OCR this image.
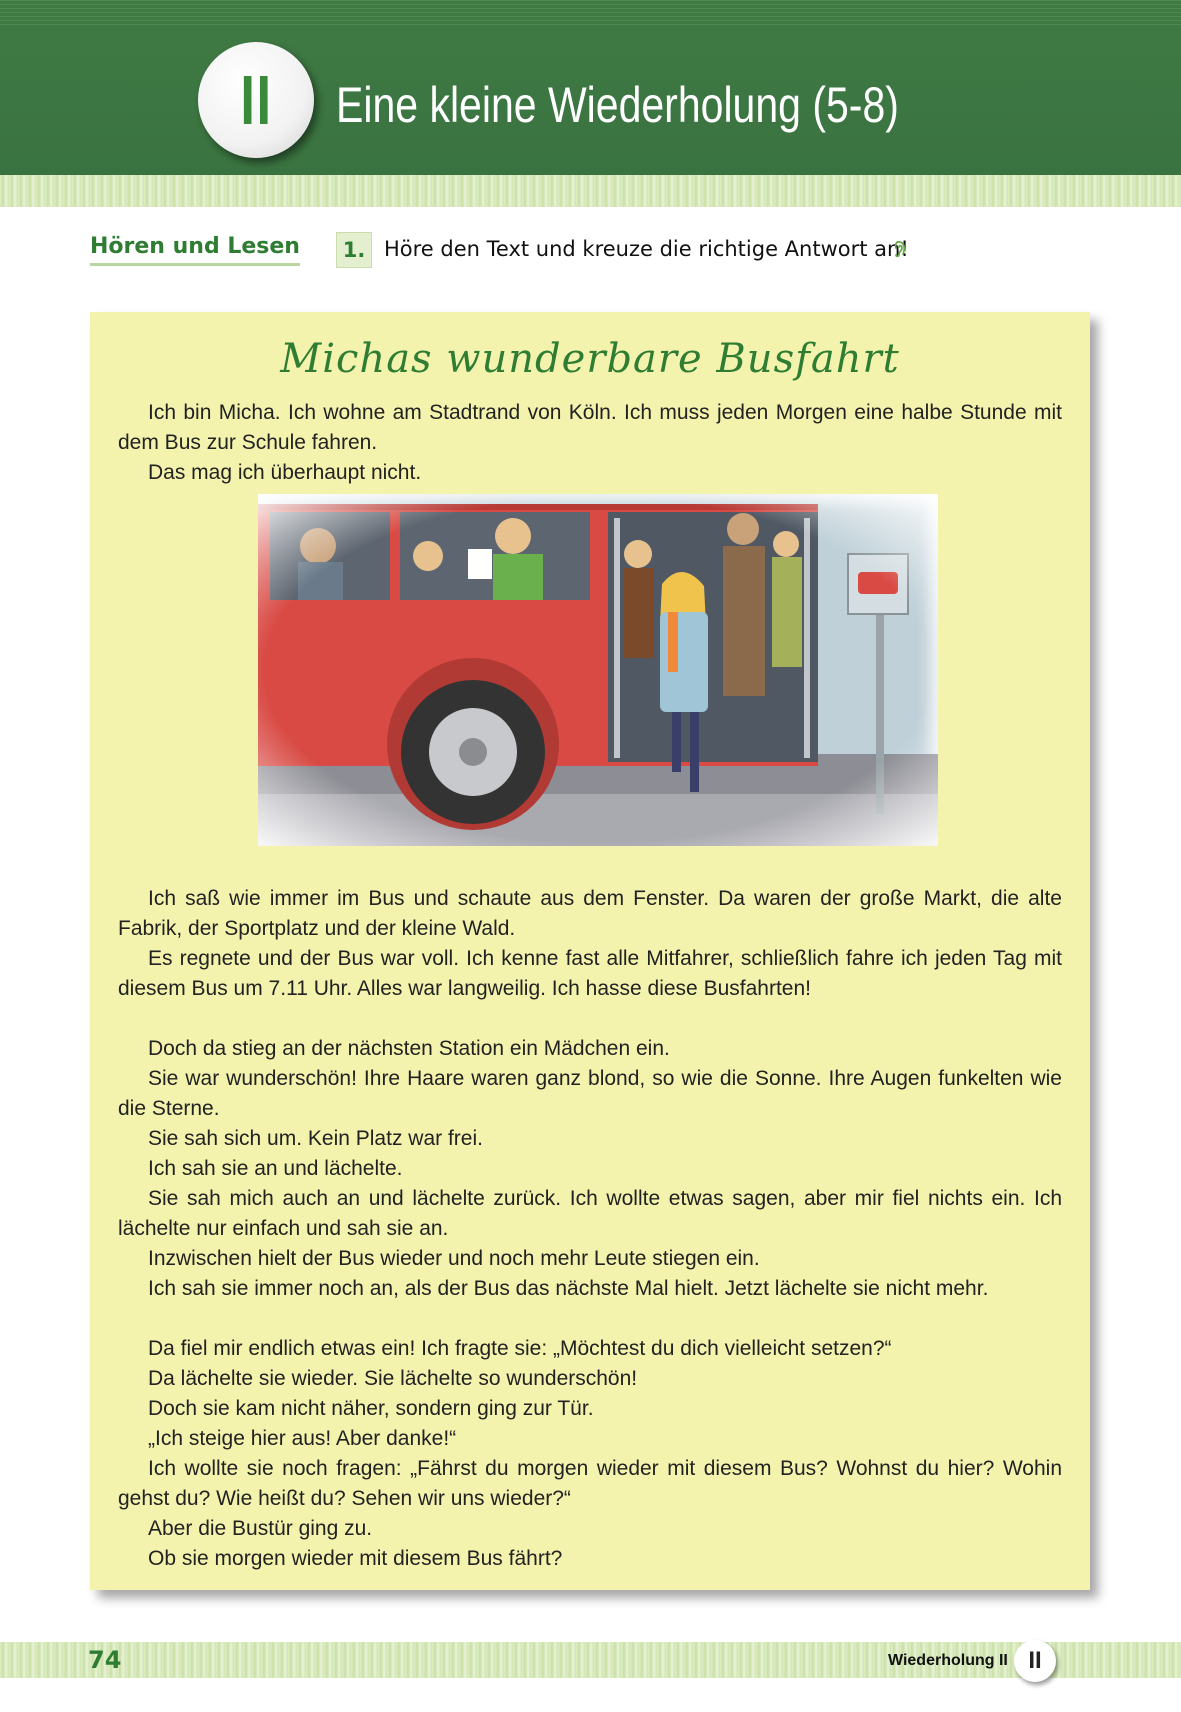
II Eine kleine Wiederholung (5-8)
Hören und Lesen	1. Höre den Text und kreuze die richtige Antwort an!
Michas wunderbare Busfahrt

Ich bin Micha. Ich wohne am Stadtrand von Köln. Ich muss jeden Morgen eine halbe Stunde mit dem Bus zur Schule fahren.

Das mag ich überhaupt nicht.

Ich saß wie immer im Bus und schaute aus dem Fenster. Da waren der große Markt, die alte Fabrik, der Sportplatz und der kleine Wald.

Es regnete und der Bus war voll. Ich kenne fast alle Mitfahrer, schließlich fahre ich jeden Tag mit diesem Bus um 7.11 Uhr. Alles war langweilig. Ich hasse diese Busfahrten!

Doch da stieg an der nächsten Station ein Mädchen ein.

Sie war wunderschön! Ihre Haare waren ganz blond, so wie die Sonne. Ihre Augen funkelten wie die Sterne.

Sie sah sich um. Kein Platz war frei.

Ich sah sie an und lächelte.

Sie sah mich auch an und lächelte zurück. Ich wollte etwas sagen, aber mir fiel nichts ein. Ich lächelte nur einfach und sah sie an.

Inzwischen hielt der Bus wieder und noch mehr Leute stiegen ein.

Ich sah sie immer noch an, als der Bus das nächste Mal hielt. Jetzt lächelte sie nicht mehr.

Da fiel mir endlich etwas ein! Ich fragte sie: „Möchtest du dich vielleicht setzen?“

Da lächelte sie wieder. Sie lächelte so wunderschön!

Doch sie kam nicht näher, sondern ging zur Tür.

„Ich steige hier aus! Aber danke!“

Ich wollte sie noch fragen: „Fährst du morgen wieder mit diesem Bus? Wohnst du hier? Wohin gehst du? Wie heißt du? Sehen wir uns wieder?“

Aber die Bustür ging zu.

Ob sie morgen wieder mit diesem Bus fährt?

74	Wiederholung II II
